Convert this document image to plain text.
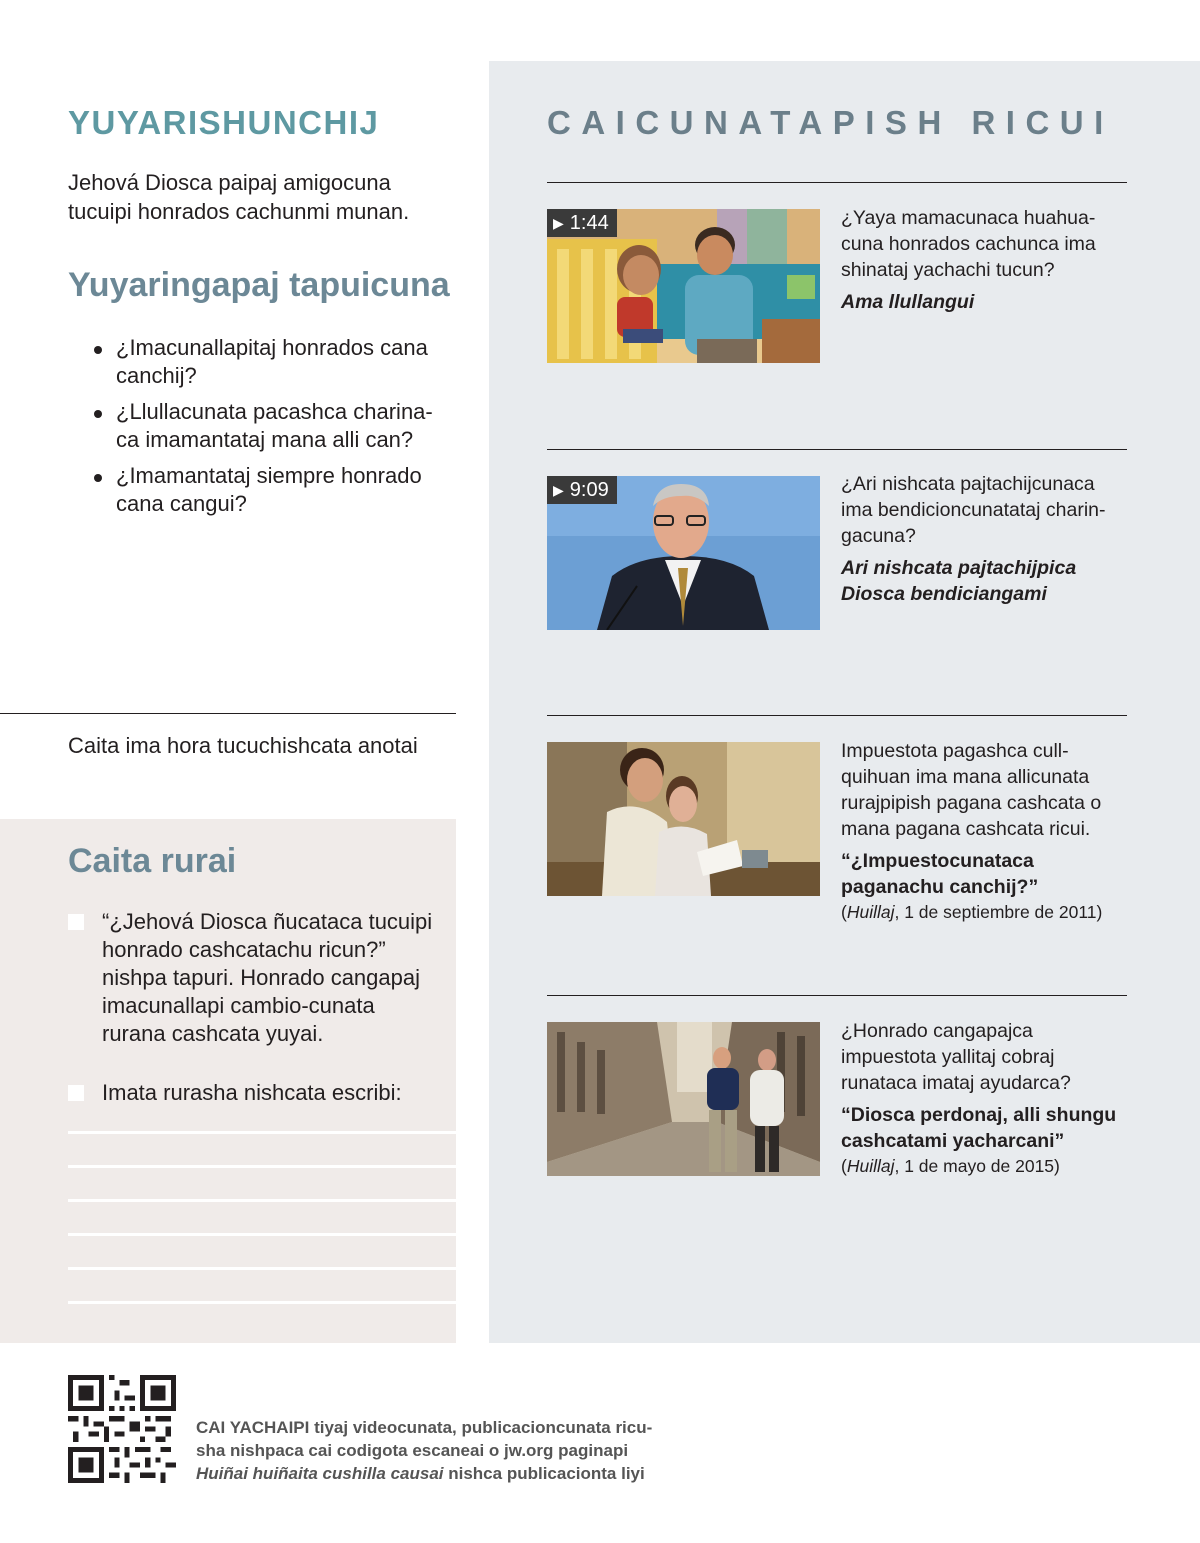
YUYARISHUNCHIJ

Jehová Diosca paipaj amigocuna tucuipi honrados cachunmi munan.

Yuyaringapaj tapuicuna
¿Imacunallapitaj honrados cana canchij?
¿Llullacunata pacashca charina-ca imamantataj mana alli can?
¿Imamantataj siempre honrado cana cangui?

Caita ima hora tucuchishcata anotai

Caita rurai

“¿Jehová Diosca ñucataca tucuipi honrado cashcatachu ricun?” nishpa tapuri. Honrado cangapaj imacunallapi cambio-cunata rurana cashcata yuyai.

Imata rurasha nishcata escribi:

CAICUNATAPISH RICUI
▶ 1:44	¿Yaya mamacunaca huahua-cuna honrados cachunca ima shinataj yachachi tucun?

Ama llullangui

▶ 9:09	¿Ari nishcata pajtachijcunaca ima bendicioncunatataj charin-gacuna?

Ari nishcata pajtachijpica Diosca bendiciangami

Impuestota pagashca cull-quihuan ima mana allicunata rurajpipish pagana cashcata o mana pagana cashcata ricui.

“¿Impuestocunataca paganachu canchij?”

(Huillaj, 1 de septiembre de 2011)

¿Honrado cangapajca impuestota yallitaj cobraj runataca imataj ayudarca?

“Diosca perdonaj, alli shungu cashcatami yacharcani”

(Huillaj, 1 de mayo de 2015)

CAI YACHAIPI tiyaj videocunata, publicacioncunata ricu-
sha nishpaca cai codigota escaneai o jw.org paginapi
Huiñai huiñaita cushilla causai nishca publicacionta liyi
